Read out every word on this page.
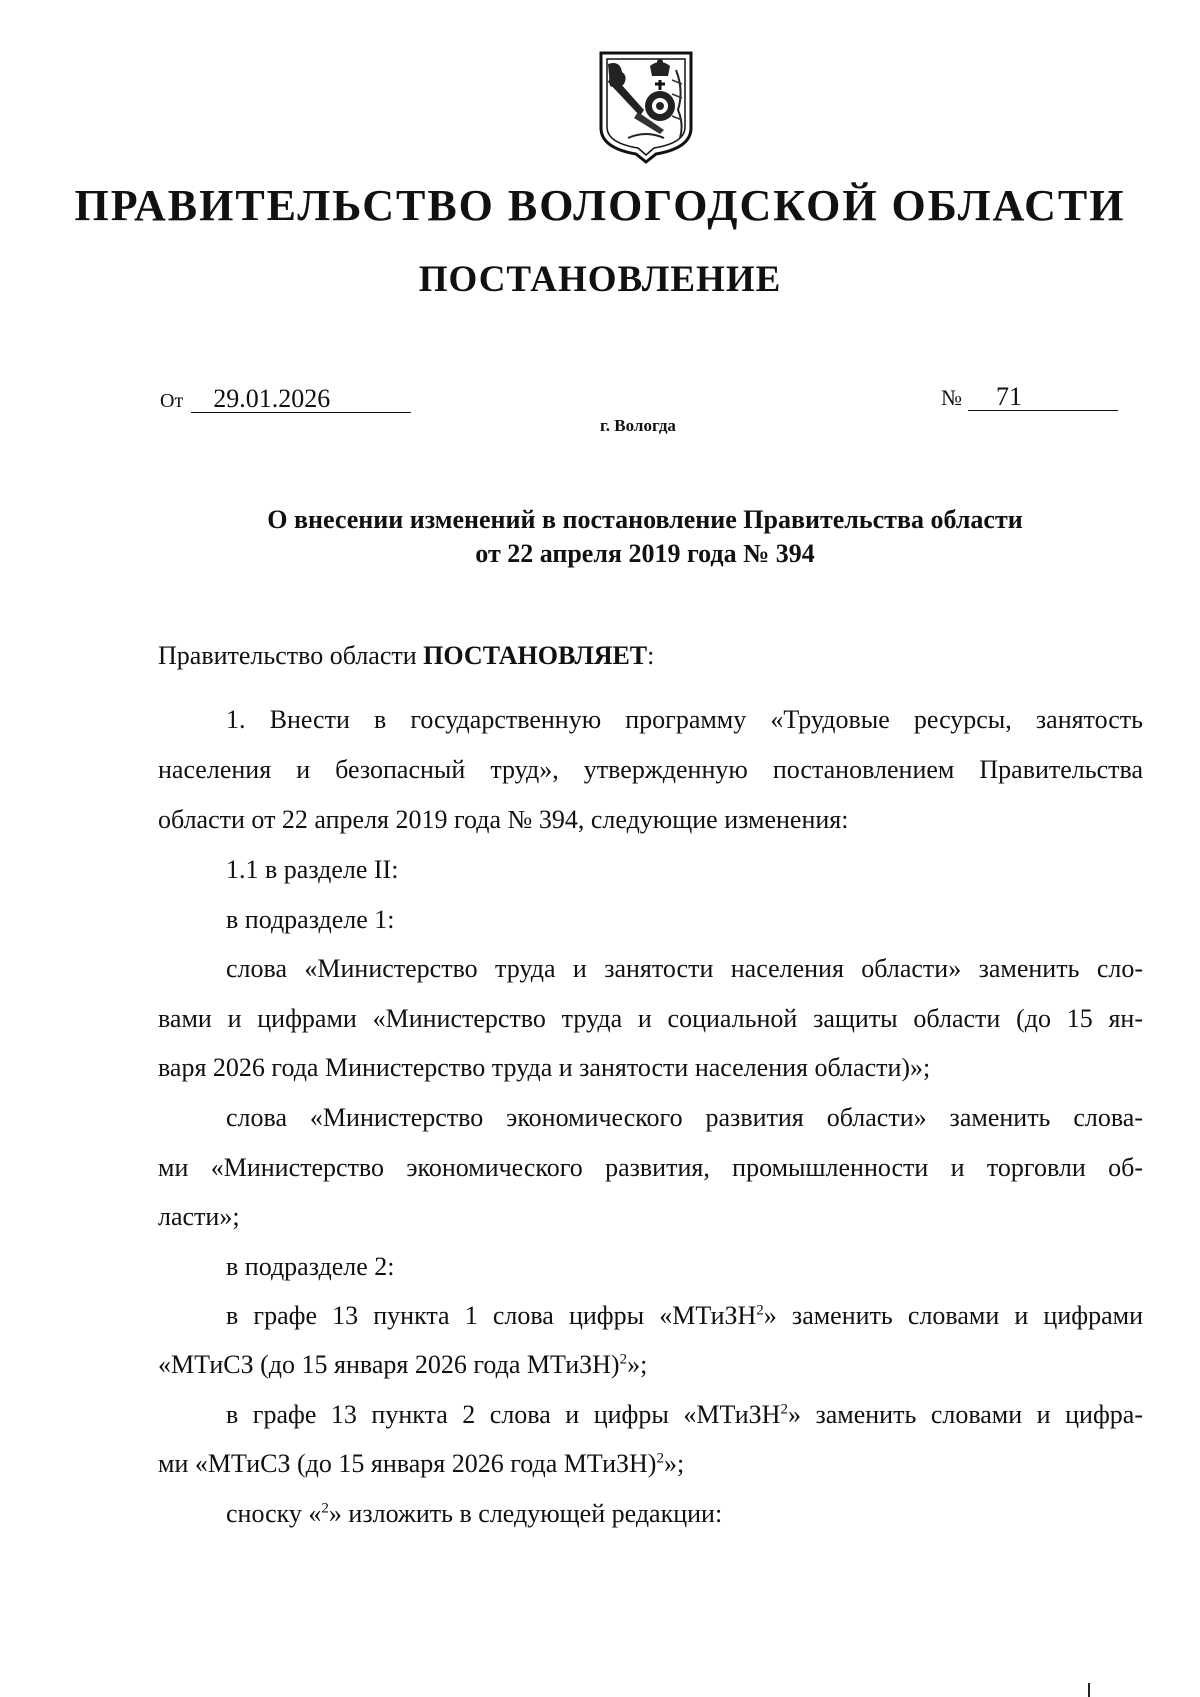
ПРАВИТЕЛЬСТВО ВОЛОГОДСКОЙ ОБЛАСТИ
ПОСТАНОВЛЕНИЕ
От 29.01.2026	№ 71
г. Вологда
О внесении изменений в постановление Правительства области
от 22 апреля 2019 года № 394
Правительство области ПОСТАНОВЛЯЕТ:
1. Внести в государственную программу «Трудовые ресурсы, занятость
населения и безопасный труд», утвержденную постановлением Правительства
области от 22 апреля 2019 года № 394, следующие изменения:
1.1 в разделе II:
в подразделе 1:
слова «Министерство труда и занятости населения области» заменить сло-
вами и цифрами «Министерство труда и социальной защиты области (до 15 ян-
варя 2026 года Министерство труда и занятости населения области)»;
слова «Министерство экономического развития области» заменить слова-
ми «Министерство экономического развития, промышленности и торговли об-
ласти»;
в подразделе 2:
в графе 13 пункта 1 слова цифры «МТиЗН$^2$» заменить словами и цифрами
«МТиСЗ (до 15 января 2026 года МТиЗН)$^2$»;
в графе 13 пункта 2 слова и цифры «МТиЗН$^2$» заменить словами и цифра-
ми «МТиСЗ (до 15 января 2026 года МТиЗН)$^2$»;
сноску «$^2$» изложить в следующей редакции:
